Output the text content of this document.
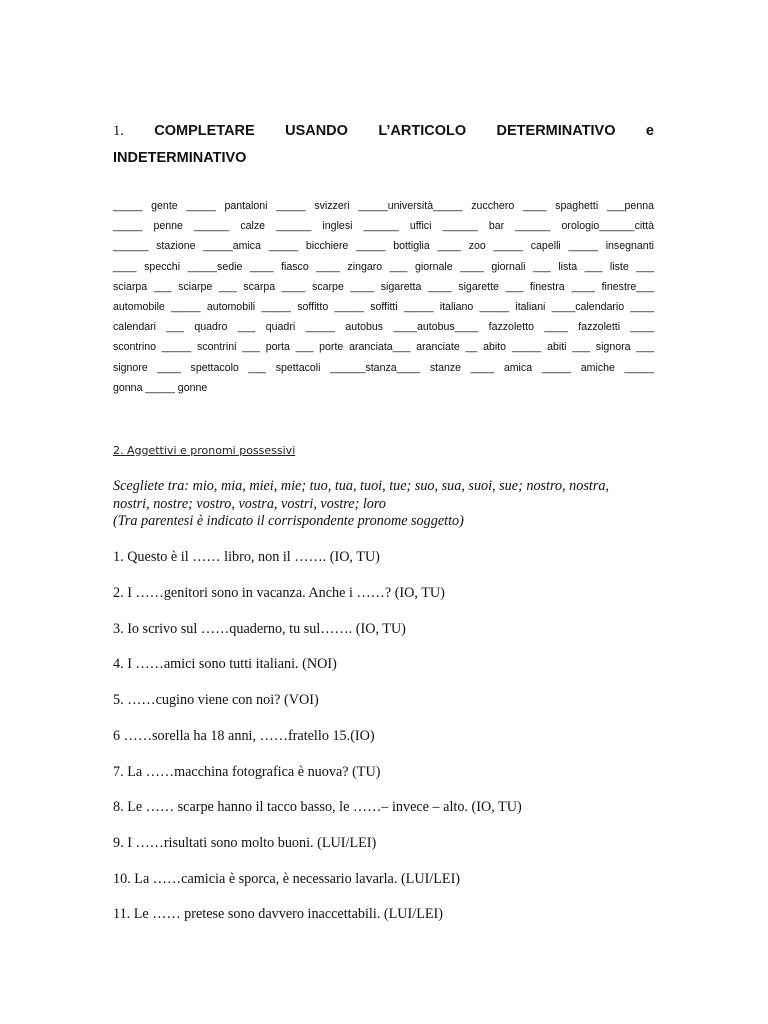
1. COMPLETARE USANDO L’ARTICOLO DETERMINATIVO e
INDETERMINATIVO
_____ gente _____ pantaloni _____ svizzeri _____università_____ zucchero ____ spaghetti ___penna
_____ penne ______ calze ______ inglesi ______ uffici ______ bar ______ orologio______città
______ stazione _____amica _____ bicchiere _____ bottiglia ____ zoo _____ capelli _____ insegnanti
____ specchi _____sedie ____ fiasco ____ zingaro ___ giornale ____ giornali ___ lista ___ liste ___
sciarpa ___ sciarpe ___ scarpa ____ scarpe ____ sigaretta ____ sigarette ___ finestra ____ finestre___
automobile _____ automobili _____ soffitto _____ soffitti _____ italiano _____ italiani ____calendario ____
calendari ___ quadro ___ quadri _____ autobus ____autobus____ fazzoletto ____ fazzoletti ____
scontrino _____ scontrini ___ porta ___ porte aranciata___ aranciate __ abito _____ abiti ___ signora ___
signore ____ spettacolo ___ spettacoli ______stanza____ stanze ____ amica _____ amiche _____
gonna _____ gonne
2. Aggettivi e pronomi possessivi
Scegliete tra: mio, mia, miei, mie; tuo, tua, tuoi, tue; suo, sua, suoi, sue; nostro, nostra,
nostri, nostre; vostro, vostra, vostri, vostre; loro
(Tra parentesi è indicato il corrispondente pronome soggetto)
1. Questo è il …… libro, non il ……. (IO, TU)
2. I ……genitori sono in vacanza. Anche i ……? (IO, TU)
3. Io scrivo sul ……quaderno, tu sul……. (IO, TU)
4. I ……amici sono tutti italiani. (NOI)
5. ……cugino viene con noi? (VOI)
6 ……sorella ha 18 anni, ……fratello 15.(IO)
7. La ……macchina fotografica è nuova? (TU)
8. Le …… scarpe hanno il tacco basso, le ……– invece – alto. (IO, TU)
9. I ……risultati sono molto buoni. (LUI/LEI)
10. La ……camicia è sporca, è necessario lavarla. (LUI/LEI)
11. Le …… pretese sono davvero inaccettabili. (LUI/LEI)
